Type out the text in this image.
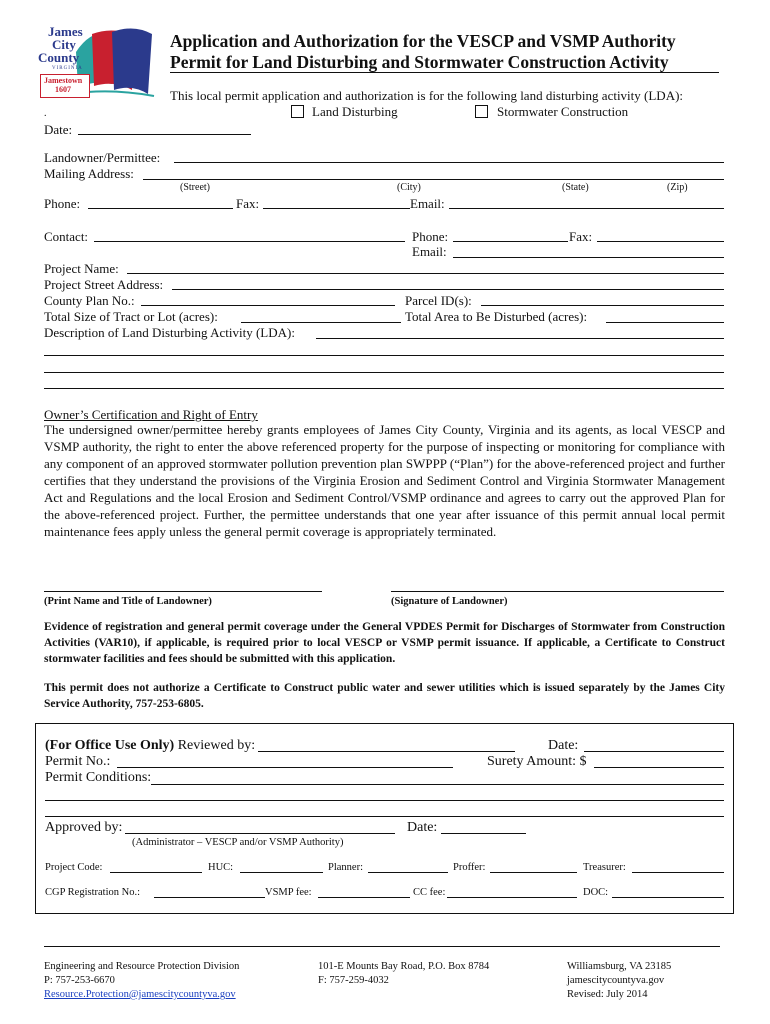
James
City
County
VIRGINIA
Jamestown
1607
Application and Authorization for the VESCP and VSMP Authority
Permit for Land Disturbing and Stormwater Construction Activity
This local permit application and authorization is for the following land disturbing activity (LDA):
Land Disturbing	Stormwater Construction
.
Date:
Landowner/Permittee:
Mailing Address:
(Street)	(City)	(State)	(Zip)
Phone:	Fax:	Email:
Contact:	Phone:	Fax:
Email:
Project Name:
Project Street Address:
County Plan No.:	Parcel ID(s):
Total Size of Tract or Lot (acres):	Total Area to Be Disturbed (acres):
Description of Land Disturbing Activity (LDA):
Owner’s Certification and Right of Entry
The undersigned owner/permittee hereby grants employees of James City County, Virginia and its agents, as local VESCP and VSMP authority, the right to enter the above referenced property for the purpose of inspecting or monitoring for compliance with any component of an approved stormwater pollution prevention plan SWPPP (“Plan”) for the above-referenced project and further certifies that they understand the provisions of the Virginia Erosion and Sediment Control and Virginia Stormwater Management Act and Regulations and the local Erosion and Sediment Control/VSMP ordinance and agrees to carry out the approved Plan for the above-referenced project. Further, the permittee understands that one year after issuance of this permit annual local permit maintenance fees apply unless the general permit coverage is appropriately terminated.
(Print Name and Title of Landowner)	(Signature of Landowner)
Evidence of registration and general permit coverage under the General VPDES Permit for Discharges of Stormwater from Construction Activities (VAR10), if applicable, is required prior to local VESCP or VSMP permit issuance. If applicable, a Certificate to Construct stormwater facilities and fees should be submitted with this application.
This permit does not authorize a Certificate to Construct public water and sewer utilities which is issued separately by the James City Service Authority, 757-253-6805.
(For Office Use Only) Reviewed by:	Date:
Permit No.:	Surety Amount: $
Permit Conditions:
Approved by:	Date:
(Administrator – VESCP and/or VSMP Authority)
Project Code:	HUC:	Planner:	Proffer:	Treasurer:
CGP Registration No.:	VSMP fee:	CC fee:	DOC:
Engineering and Resource Protection Division
P: 757-253-6670
Resource.Protection@jamescitycountyva.gov
101-E Mounts Bay Road, P.O. Box 8784
F: 757-259-4032
Williamsburg, VA 23185
jamescitycountyva.gov
Revised: July 2014
